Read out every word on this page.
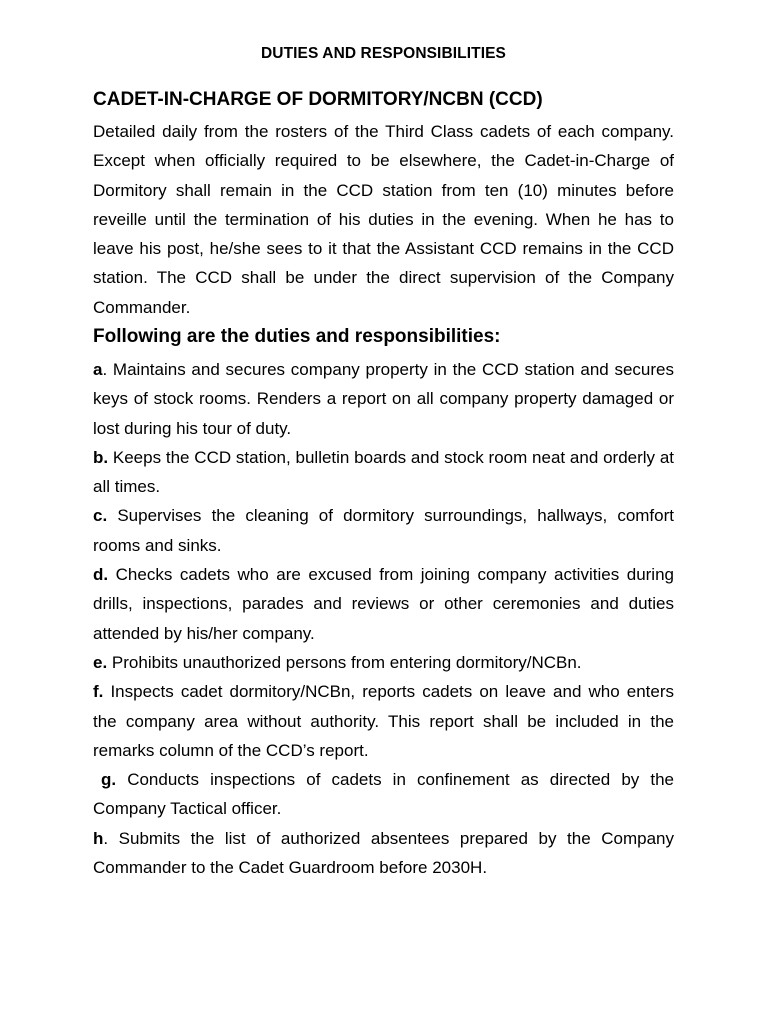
DUTIES AND RESPONSIBILITIES
CADET-IN-CHARGE OF DORMITORY/NCBN (CCD)

Detailed daily from the rosters of the Third Class cadets of each company. Except when officially required to be elsewhere, the Cadet-in-Charge of Dormitory shall remain in the CCD station from ten (10) minutes before reveille until the termination of his duties in the evening. When he has to leave his post, he/she sees to it that the Assistant CCD remains in the CCD station. The CCD shall be under the direct supervision of the Company Commander.

Following are the duties and responsibilities:

a. Maintains and secures company property in the CCD station and secures keys of stock rooms. Renders a report on all company property damaged or lost during his tour of duty.

b. Keeps the CCD station, bulletin boards and stock room neat and orderly at all times.

c. Supervises the cleaning of dormitory surroundings, hallways, comfort rooms and sinks.

d. Checks cadets who are excused from joining company activities during drills, inspections, parades and reviews or other ceremonies and duties attended by his/her company.

e. Prohibits unauthorized persons from entering dormitory/NCBn.

f. Inspects cadet dormitory/NCBn, reports cadets on leave and who enters the company area without authority. This report shall be included in the remarks column of the CCD’s report.

g. Conducts inspections of cadets in confinement as directed by the Company Tactical officer.

h. Submits the list of authorized absentees prepared by the Company Commander to the Cadet Guardroom before 2030H.
